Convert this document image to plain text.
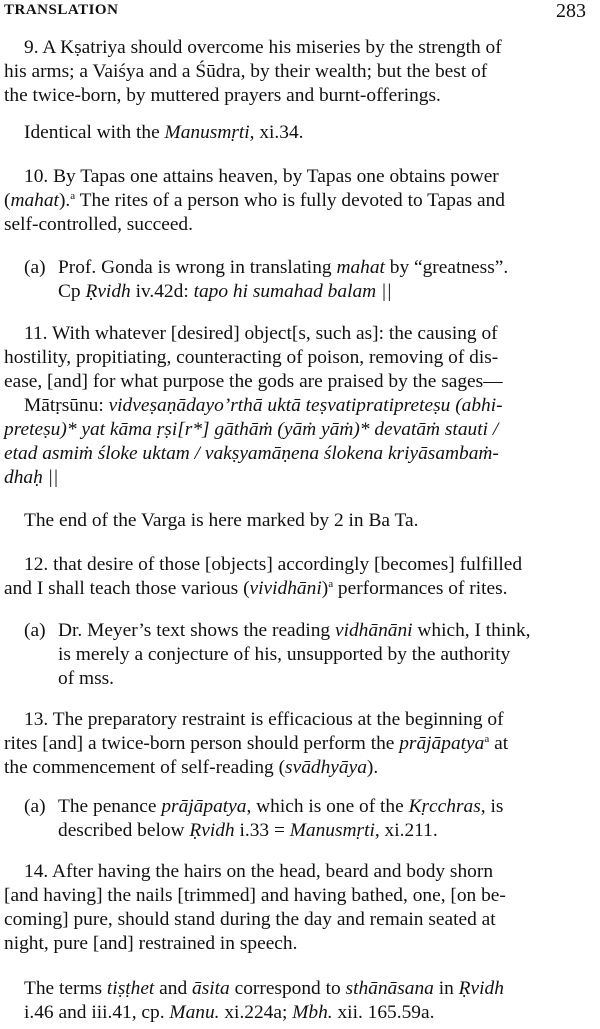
TRANSLATION	283
9. A Kṣatriya should overcome his miseries by the strength of
his arms; a Vaiśya and a Śūdra, by their wealth; but the best of
the twice-born, by muttered prayers and burnt-offerings.
Identical with the Manusmṛti, xi.34.
10. By Tapas one attains heaven, by Tapas one obtains power
(mahat).$^a$ The rites of a person who is fully devoted to Tapas and
self-controlled, succeed.
(a) Prof. Gonda is wrong in translating mahat by “greatness”.
Cp Ṛvidh iv.42d: tapo hi sumahad balam ||
11. With whatever [desired] object[s, such as]: the causing of
hostility, propitiating, counteracting of poison, removing of dis-
ease, [and] for what purpose the gods are praised by the sages—
Mātṛsūnu: vidveṣaṇādayo’rthā uktā teṣvatipratipreteṣu (abhi-
preteṣu)* yat kāma ṛṣi[r*] gāthāṁ (yāṁ yāṁ)* devatāṁ stauti /
etad asmiṁ śloke uktam / vakṣyamāṇena ślokena kriyāsambaṁ-
dhaḥ ||
The end of the Varga is here marked by 2 in Ba Ta.
12. that desire of those [objects] accordingly [becomes] fulfilled
and I shall teach those various (vividhāni)$^a$ performances of rites.
(a) Dr. Meyer’s text shows the reading vidhānāni which, I think,
is merely a conjecture of his, unsupported by the authority
of mss.
13. The preparatory restraint is efficacious at the beginning of
rites [and] a twice-born person should perform the prājāpatya$^a$ at
the commencement of self-reading (svādhyāya).
(a) The penance prājāpatya, which is one of the Kṛcchras, is
described below Ṛvidh i.33 = Manusmṛti, xi.211.
14. After having the hairs on the head, beard and body shorn
[and having] the nails [trimmed] and having bathed, one, [on be-
coming] pure, should stand during the day and remain seated at
night, pure [and] restrained in speech.
The terms tiṣṭhet and āsita correspond to sthānāsana in Ṛvidh
i.46 and iii.41, cp. Manu. xi.224a; Mbh. xii. 165.59a.
